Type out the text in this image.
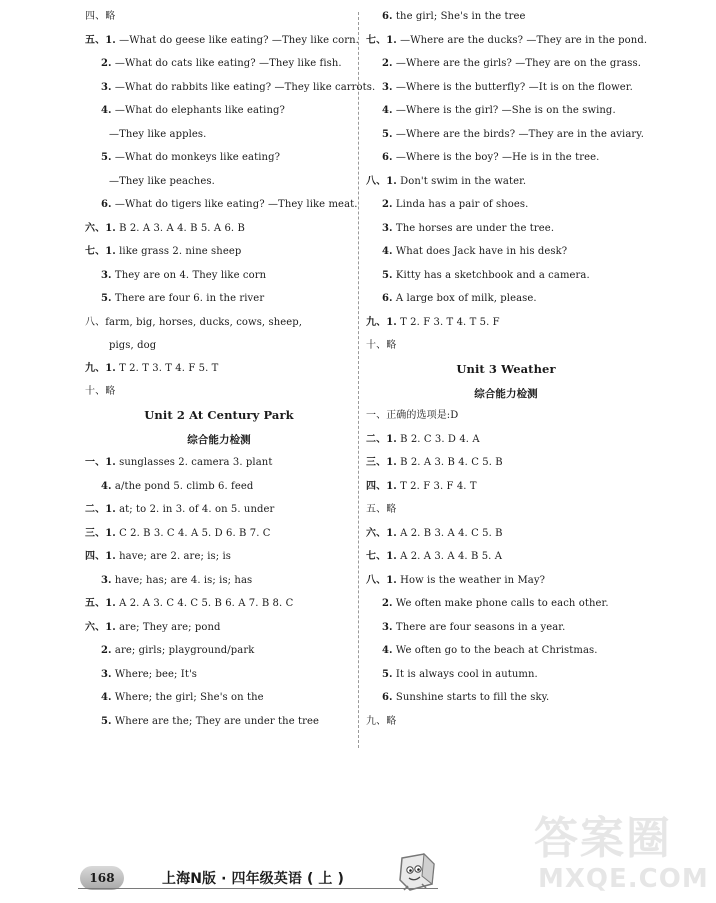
四、略
五、1. —What do geese like eating? —They like corn.
2. —What do cats like eating? —They like fish.
3. —What do rabbits like eating? —They like carrots.
4. —What do elephants like eating?
—They like apples.
5. —What do monkeys like eating?
—They like peaches.
6. —What do tigers like eating? —They like meat.
六、1. B 2. A 3. A 4. B 5. A 6. B
七、1. like grass 2. nine sheep
3. They are on 4. They like corn
5. There are four 6. in the river
八、farm, big, horses, ducks, cows, sheep,
pigs, dog
九、1. T 2. T 3. T 4. F 5. T
十、略
Unit 2 At Century Park
综合能力检测
一、1. sunglasses 2. camera 3. plant
4. a/the pond 5. climb 6. feed
二、1. at; to 2. in 3. of 4. on 5. under
三、1. C 2. B 3. C 4. A 5. D 6. B 7. C
四、1. have; are 2. are; is; is
3. have; has; are 4. is; is; has
五、1. A 2. A 3. C 4. C 5. B 6. A 7. B 8. C
六、1. are; They are; pond
2. are; girls; playground/park
3. Where; bee; It's
4. Where; the girl; She's on the
5. Where are the; They are under the tree
6. the girl; She's in the tree
七、1. —Where are the ducks? —They are in the pond.
2. —Where are the girls? —They are on the grass.
3. —Where is the butterfly? —It is on the flower.
4. —Where is the girl? —She is on the swing.
5. —Where are the birds? —They are in the aviary.
6. —Where is the boy? —He is in the tree.
八、1. Don't swim in the water.
2. Linda has a pair of shoes.
3. The horses are under the tree.
4. What does Jack have in his desk?
5. Kitty has a sketchbook and a camera.
6. A large box of milk, please.
九、1. T 2. F 3. T 4. T 5. F
十、略
Unit 3 Weather
综合能力检测
一、正确的选项是:D
二、1. B 2. C 3. D 4. A
三、1. B 2. A 3. B 4. C 5. B
四、1. T 2. F 3. F 4. T
五、略
六、1. A 2. B 3. A 4. C 5. B
七、1. A 2. A 3. A 4. B 5. A
八、1. How is the weather in May?
2. We often make phone calls to each other.
3. There are four seasons in a year.
4. We often go to the beach at Christmas.
5. It is always cool in autumn.
6. Sunshine starts to fill the sky.
九、略
168	上海N版 · 四年级英语 ( 上 )
答案圈
MXQE.COM
